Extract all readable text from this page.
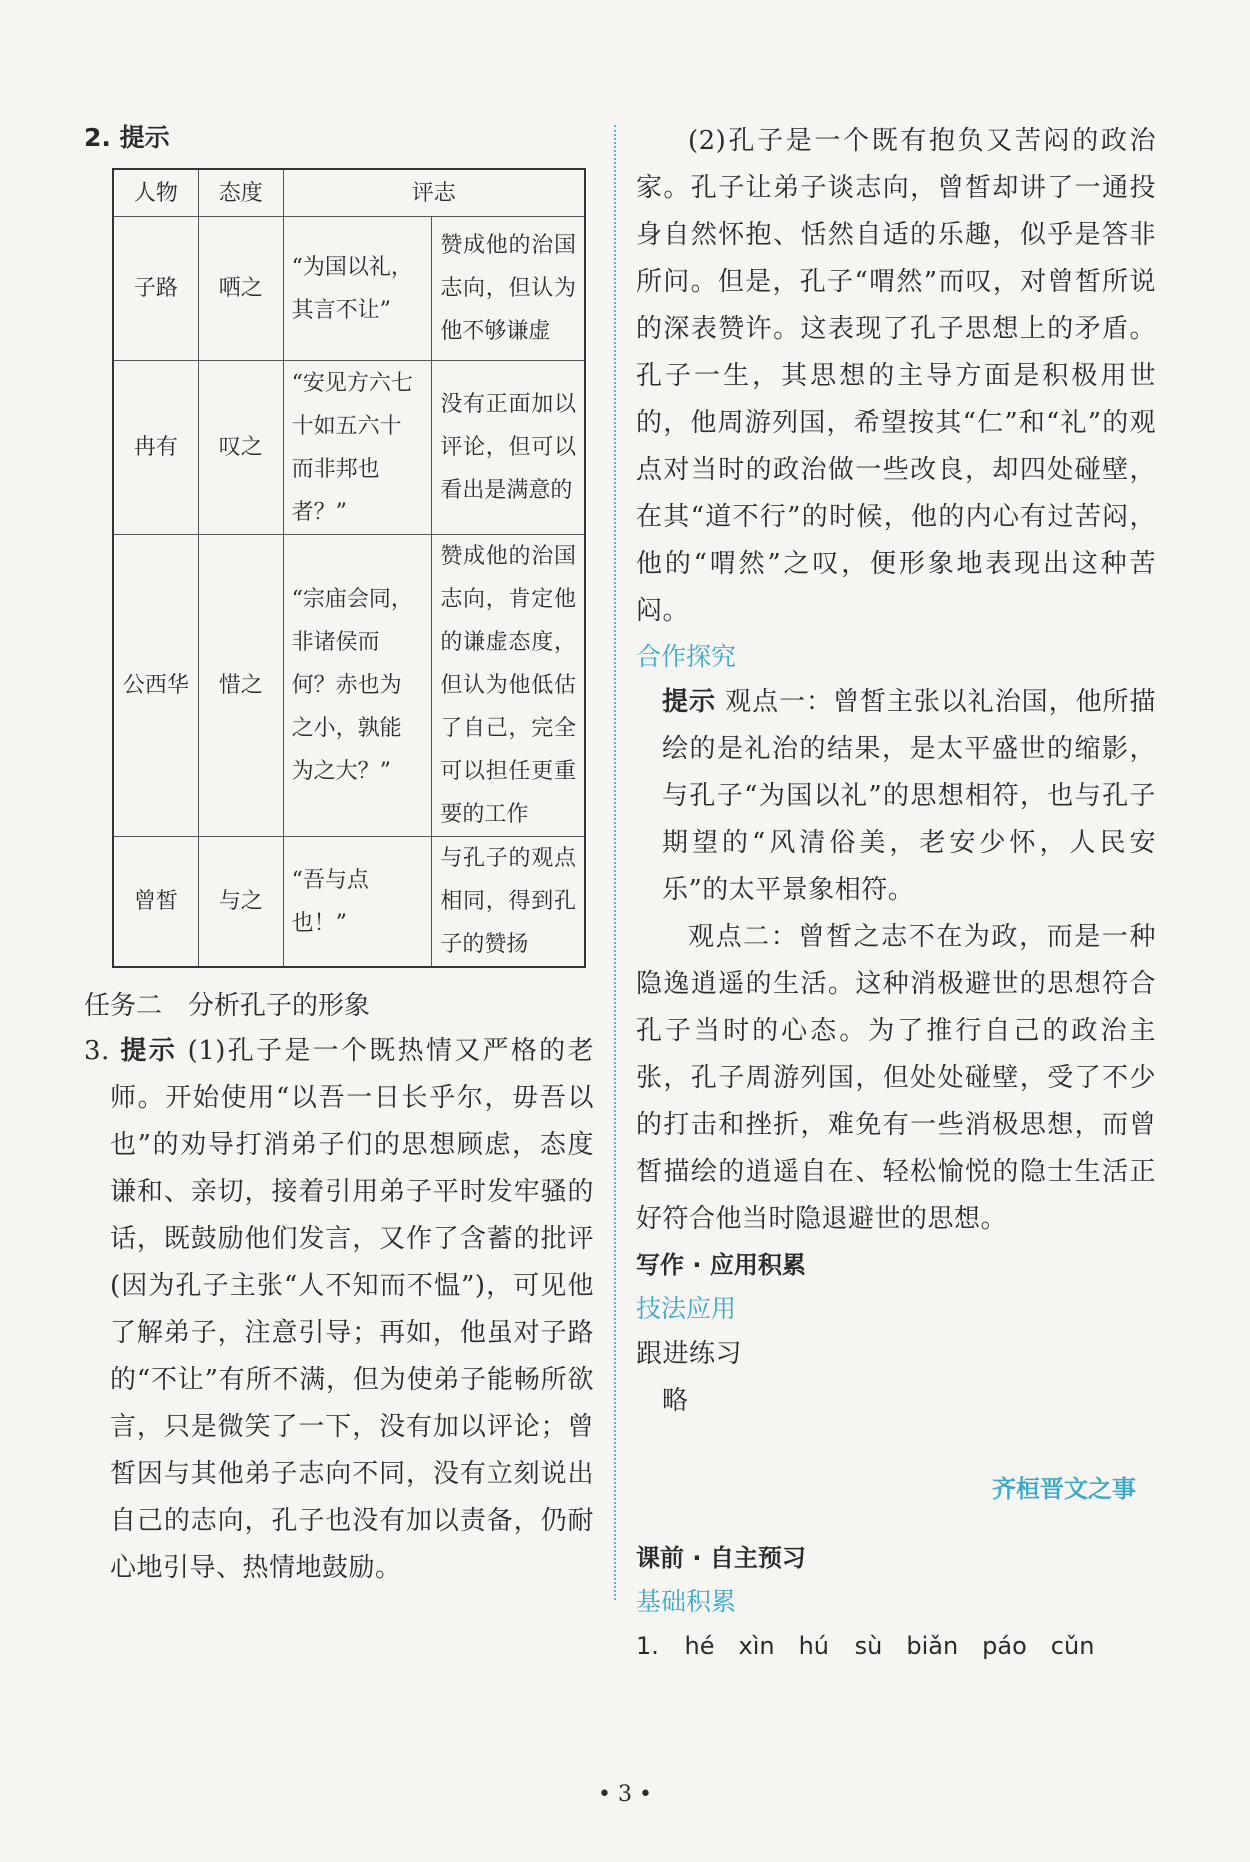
2. 提示

人物	态度	评志	
子路	哂之	“为国以礼，其言不让”	赞成他的治国志向，但认为他不够谦虚
冉有	叹之	“安见方六七十如五六十而非邦也者？”	没有正面加以评论，但可以看出是满意的
公西华	惜之	“宗庙会同，非诸侯而何？赤也为之小，孰能为之大？”	赞成他的治国志向，肯定他的谦虚态度，但认为他低估了自己，完全可以担任更重要的工作
曾皙	与之	“吾与点也！”	与孔子的观点相同，得到孔子的赞扬

任务二　分析孔子的形象

3. 提示 (1)孔子是一个既热情又严格的老师。开始使用“以吾一日长乎尔，毋吾以也”的劝导打消弟子们的思想顾虑，态度谦和、亲切，接着引用弟子平时发牢骚的话，既鼓励他们发言，又作了含蓄的批评(因为孔子主张“人不知而不愠”)，可见他了解弟子，注意引导；再如，他虽对子路的“不让”有所不满，但为使弟子能畅所欲言，只是微笑了一下，没有加以评论；曾皙因与其他弟子志向不同，没有立刻说出自己的志向，孔子也没有加以责备，仍耐心地引导、热情地鼓励。

(2)孔子是一个既有抱负又苦闷的政治家。孔子让弟子谈志向，曾皙却讲了一通投身自然怀抱、恬然自适的乐趣，似乎是答非所问。但是，孔子“喟然”而叹，对曾皙所说的深表赞许。这表现了孔子思想上的矛盾。孔子一生，其思想的主导方面是积极用世的，他周游列国，希望按其“仁”和“礼”的观点对当时的政治做一些改良，却四处碰壁，在其“道不行”的时候，他的内心有过苦闷，他的“喟然”之叹，便形象地表现出这种苦闷。

合作探究

提示 观点一：曾皙主张以礼治国，他所描绘的是礼治的结果，是太平盛世的缩影，与孔子“为国以礼”的思想相符，也与孔子期望的“风清俗美，老安少怀，人民安乐”的太平景象相符。

观点二：曾皙之志不在为政，而是一种隐逸逍遥的生活。这种消极避世的思想符合孔子当时的心态。为了推行自己的政治主张，孔子周游列国，但处处碰壁，受了不少的打击和挫折，难免有一些消极思想，而曾皙描绘的逍遥自在、轻松愉悦的隐士生活正好符合他当时隐退避世的思想。

写作 · 应用积累

技法应用

跟进练习

略

齐桓晋文之事

课前 · 自主预习

基础积累

1. hé　xìn　hú sù　biǎn　páo　cǔn

• 3 •
